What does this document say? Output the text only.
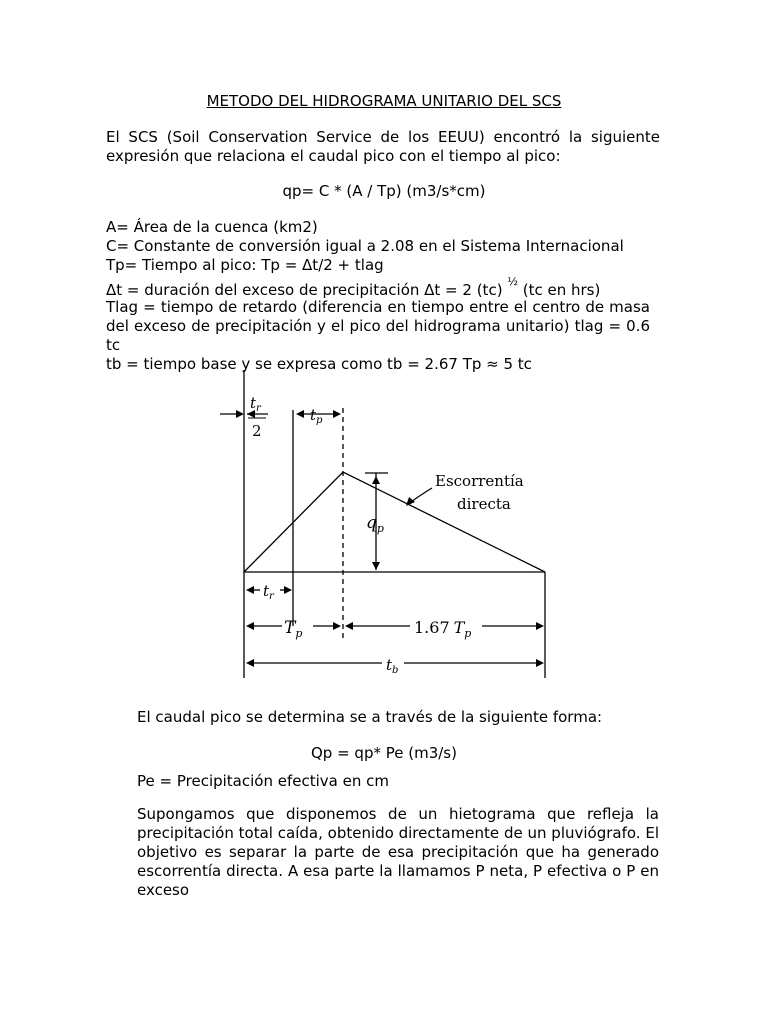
METODO DEL HIDROGRAMA UNITARIO DEL SCS
El SCS (Soil Conservation Service de los EEUU) encontró la siguiente expresión que relaciona el caudal pico con el tiempo al pico:
qp= C * (A / Tp) (m3/s*cm)
A= Área de la cuenca (km2)
C= Constante de conversión igual a 2.08 en el Sistema Internacional
Tp= Tiempo al pico: Tp = Δt/2 + tlag
Δt = duración del exceso de precipitación Δt = 2 (tc) $^{\frac{1}{2}}$ (tc en hrs)
Tlag = tiempo de retardo (diferencia en tiempo entre el centro de masa del exceso de precipitación y el pico del hidrograma unitario) tlag = 0.6 tc
tb = tiempo base y se expresa como tb = 2.67 Tp ≈ 5 tc
$t_r$
2
$t_p$
$q_p$
Escorrentía
directa
$t_r$
$T_p$	1.67 $T_p$
$t_b$
El caudal pico se determina se a través de la siguiente forma:
Qp = qp* Pe (m3/s)
Pe = Precipitación efectiva en cm
Supongamos que disponemos de un hietograma que refleja la precipitación total caída, obtenido directamente de un pluviógrafo. El objetivo es separar la parte de esa precipitación que ha generado escorrentía directa. A esa parte la llamamos P neta, P efectiva o P en exceso
